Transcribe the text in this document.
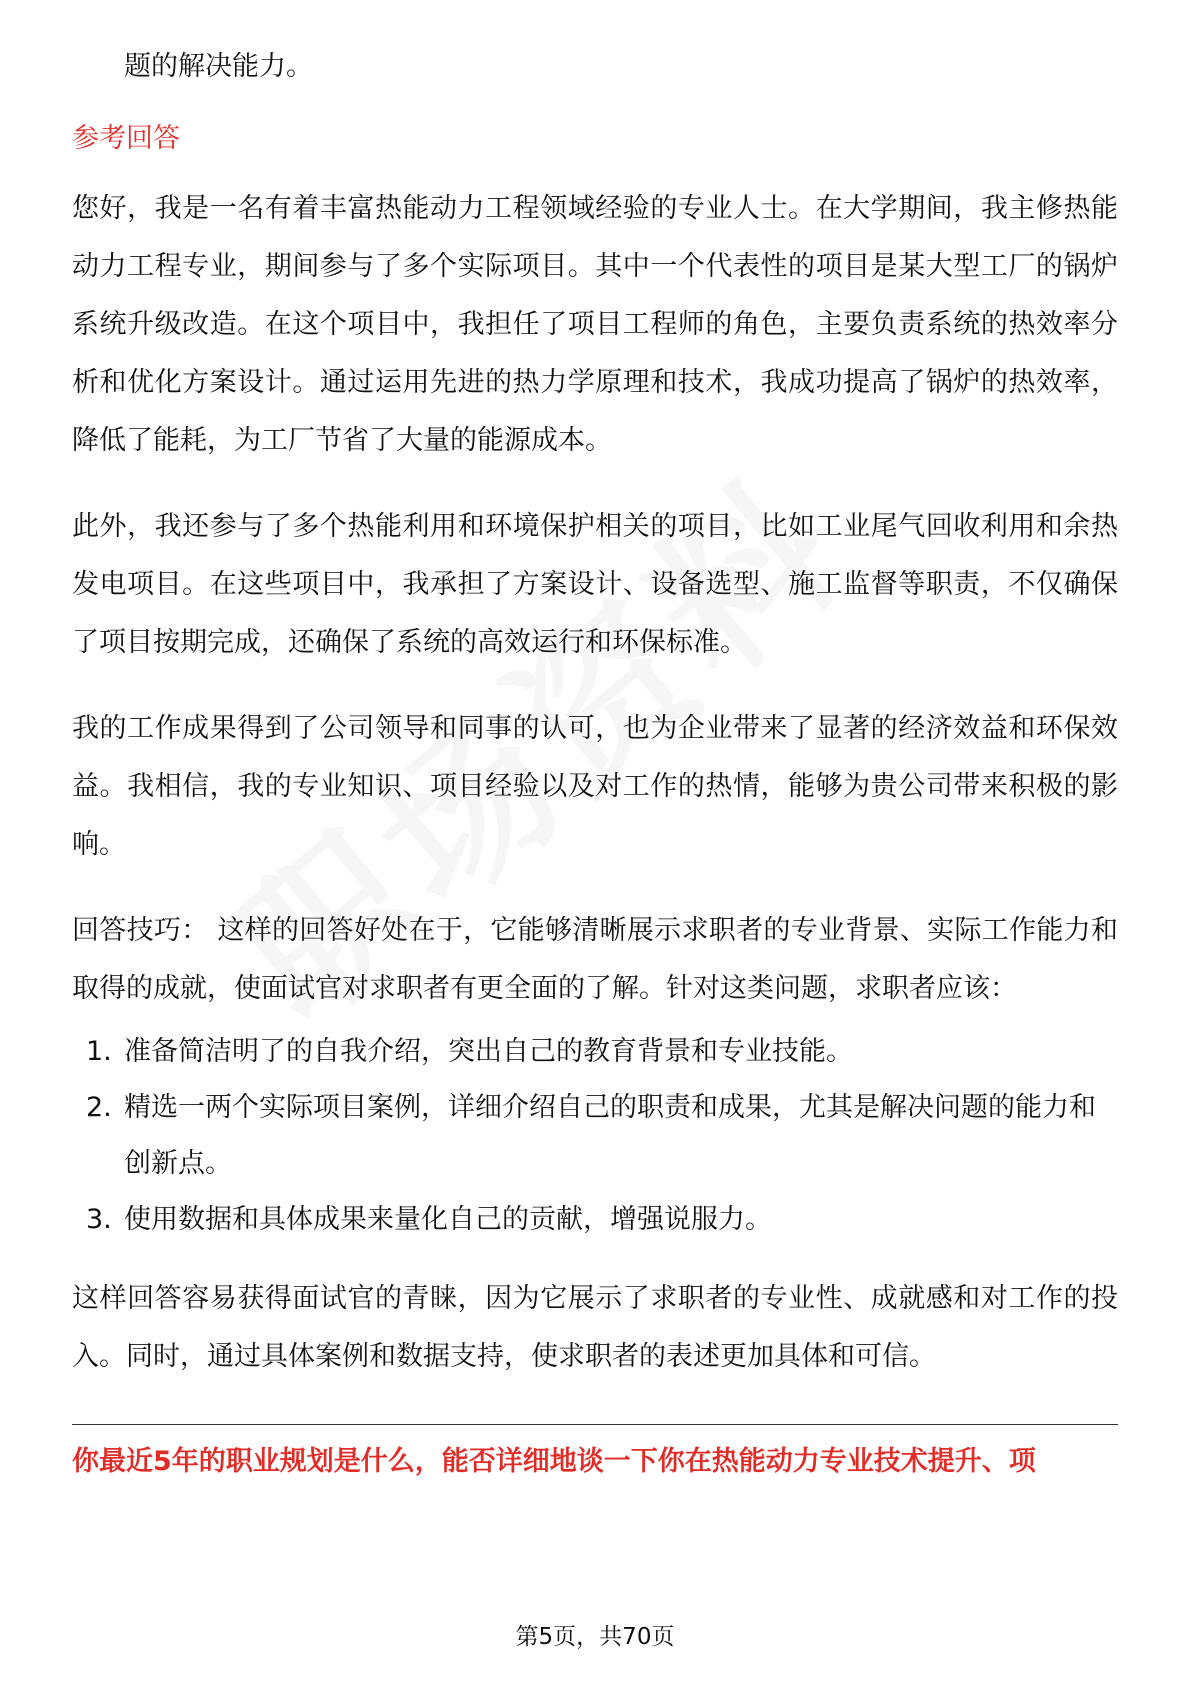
题的解决能力。

参考回答

您好，我是一名有着丰富热能动力工程领域经验的专业人士。在大学期间，我主修热能动力工程专业，期间参与了多个实际项目。其中一个代表性的项目是某大型工厂的锅炉系统升级改造。在这个项目中，我担任了项目工程师的角色，主要负责系统的热效率分析和优化方案设计。通过运用先进的热力学原理和技术，我成功提高了锅炉的热效率，降低了能耗，为工厂节省了大量的能源成本。

此外，我还参与了多个热能利用和环境保护相关的项目，比如工业尾气回收利用和余热发电项目。在这些项目中，我承担了方案设计、设备选型、施工监督等职责，不仅确保了项目按期完成，还确保了系统的高效运行和环保标准。

我的工作成果得到了公司领导和同事的认可，也为企业带来了显著的经济效益和环保效益。我相信，我的专业知识、项目经验以及对工作的热情，能够为贵公司带来积极的影响。

回答技巧： 这样的回答好处在于，它能够清晰展示求职者的专业背景、实际工作能力和取得的成就，使面试官对求职者有更全面的了解。针对这类问题，求职者应该：

1. 准备简洁明了的自我介绍，突出自己的教育背景和专业技能。
2. 精选一两个实际项目案例，详细介绍自己的职责和成果，尤其是解决问题的能力和创新点。
3. 使用数据和具体成果来量化自己的贡献，增强说服力。

这样回答容易获得面试官的青睐，因为它展示了求职者的专业性、成就感和对工作的投入。同时，通过具体案例和数据支持，使求职者的表述更加具体和可信。

你最近5年的职业规划是什么，能否详细地谈一下你在热能动力专业技术提升、项

第5页，共70页
